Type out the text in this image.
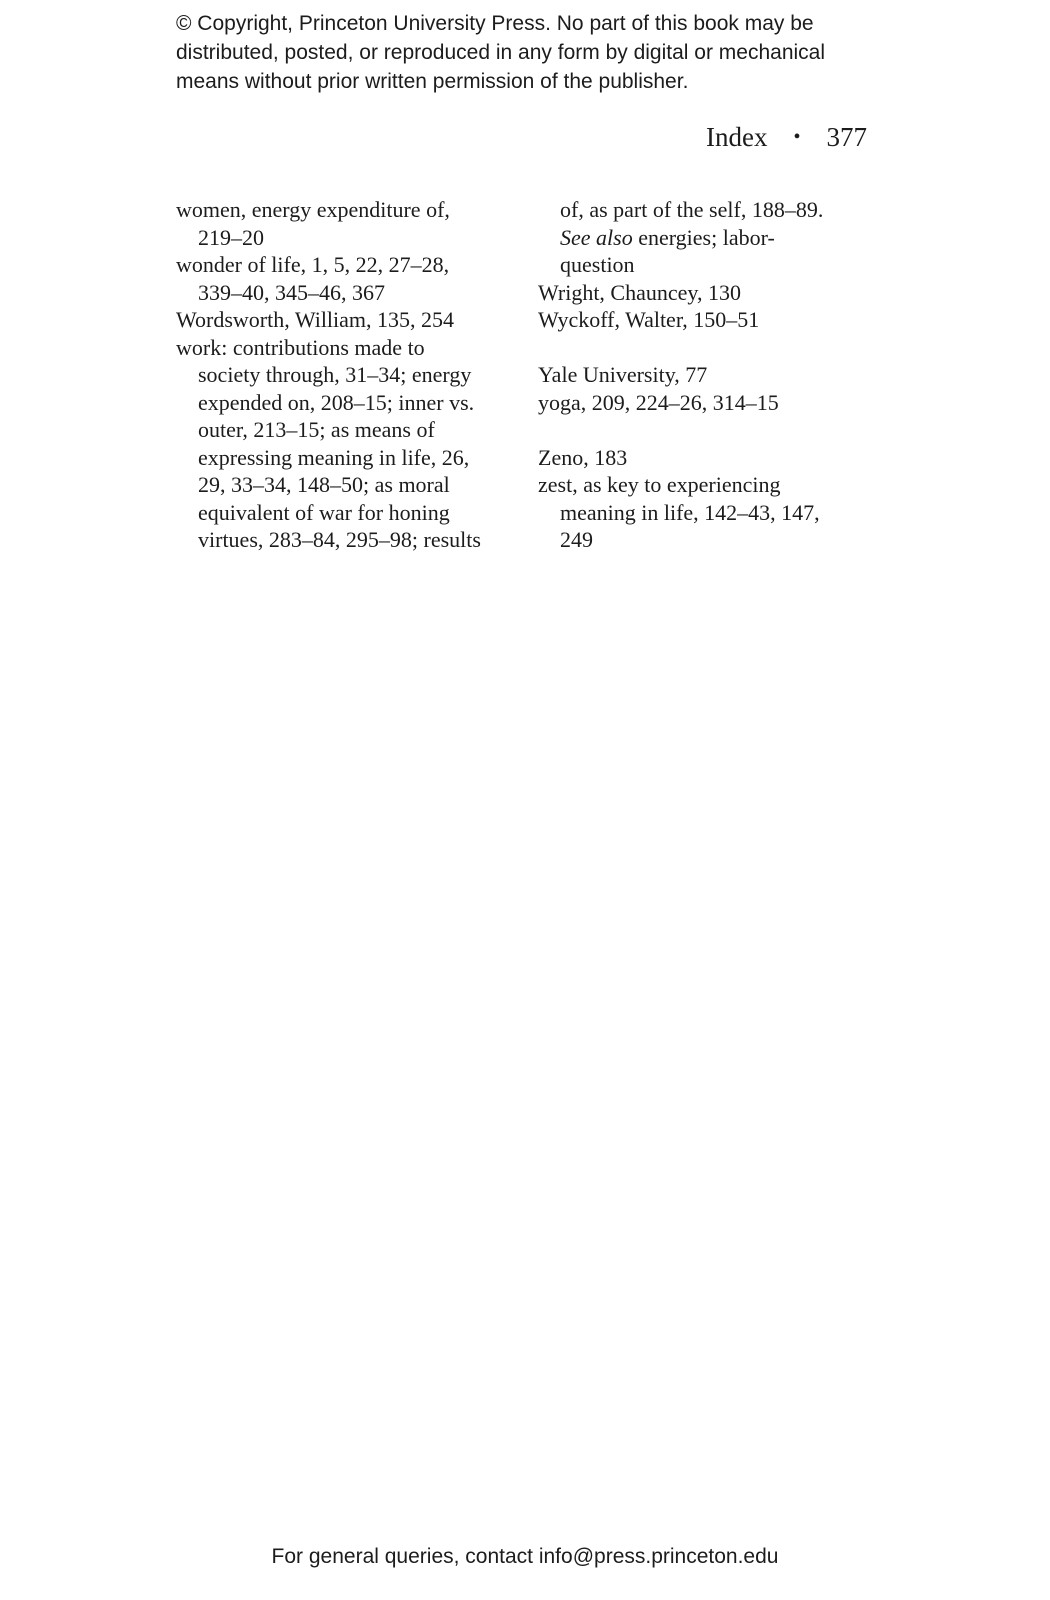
© Copyright, Princeton University Press. No part of this book may be
distributed, posted, or reproduced in any form by digital or mechanical
means without prior written permission of the publisher.
Index • 377
women, energy expenditure of,
219–20
wonder of life, 1, 5, 22, 27–28,
339–40, 345–46, 367
Wordsworth, William, 135, 254
work: contributions made to
society through, 31–34; energy
expended on, 208–15; inner vs.
outer, 213–15; as means of
expressing meaning in life, 26,
29, 33–34, 148–50; as moral
equivalent of war for honing
virtues, 283–84, 295–98; results
of, as part of the self, 188–89.
See also energies; labor-
question
Wright, Chauncey, 130
Wyckoff, Walter, 150–51
Yale University, 77
yoga, 209, 224–26, 314–15
Zeno, 183
zest, as key to experiencing
meaning in life, 142–43, 147,
249
For general queries, contact info@press.princeton.edu
